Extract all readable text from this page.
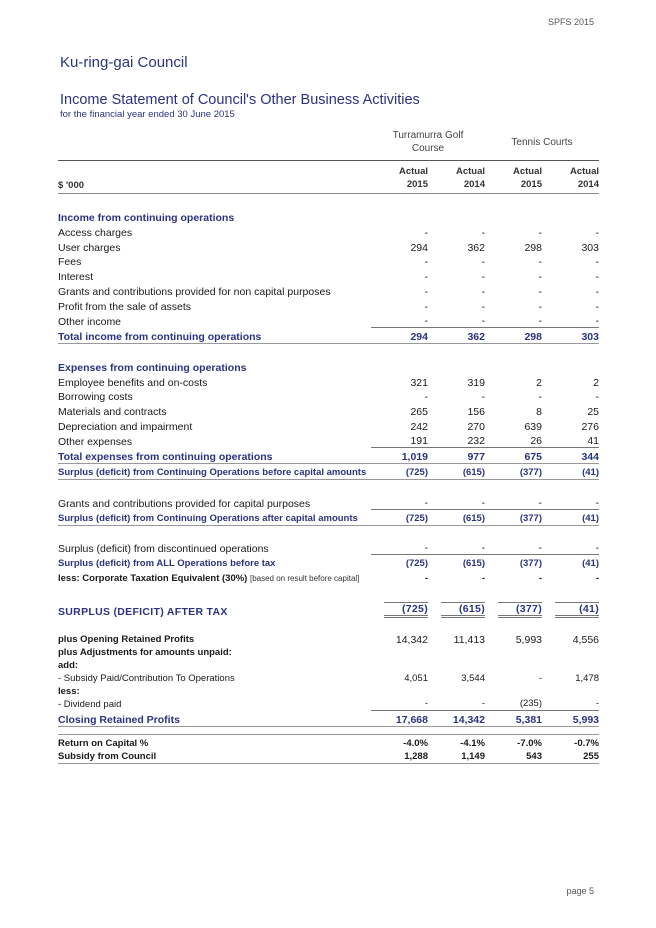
SPFS 2015
Ku-ring-gai Council
Income Statement of Council's Other Business Activities
for the financial year ended 30 June 2015
Turramurra Golf
Course
Tennis Courts
$ '000
Actual
2015
Actual
2014
Actual
2015
Actual
2014
Income from continuing operations
Access charges	-	-	-	-
User charges	294	362	298	303
Fees	-	-	-	-
Interest	-	-	-	-
Grants and contributions provided for non capital purposes	-	-	-	-
Profit from the sale of assets	-	-	-	-
Other income	-	-	-	-
Total income from continuing operations	294	362	298	303
Expenses from continuing operations
Employee benefits and on-costs	321	319	2	2
Borrowing costs	-	-	-	-
Materials and contracts	265	156	8	25
Depreciation and impairment	242	270	639	276
Other expenses	191	232	26	41
Total expenses from continuing operations	1,019	977	675	344
Surplus (deficit) from Continuing Operations before capital amounts	(725)	(615)	(377)	(41)
Grants and contributions provided for capital purposes	-	-	-	-
Surplus (deficit) from Continuing Operations after capital amounts	(725)	(615)	(377)	(41)
Surplus (deficit) from discontinued operations	-	-	-	-
Surplus (deficit) from ALL Operations before tax	(725)	(615)	(377)	(41)
less: Corporate Taxation Equivalent (30%) [based on result before capital]	-	-	-	-
SURPLUS (DEFICIT) AFTER TAX	(725)	(615)	(377)	(41)
plus Opening Retained Profits	14,342	11,413	5,993	4,556
plus Adjustments for amounts unpaid:
add:
- Subsidy Paid/Contribution To Operations	4,051	3,544	-	1,478
less:
- Dividend paid	-	-	(235)	-
Closing Retained Profits	17,668	14,342	5,381	5,993
Return on Capital %	-4.0%	-4.1%	-7.0%	-0.7%
Subsidy from Council	1,288	1,149	543	255
page 5
